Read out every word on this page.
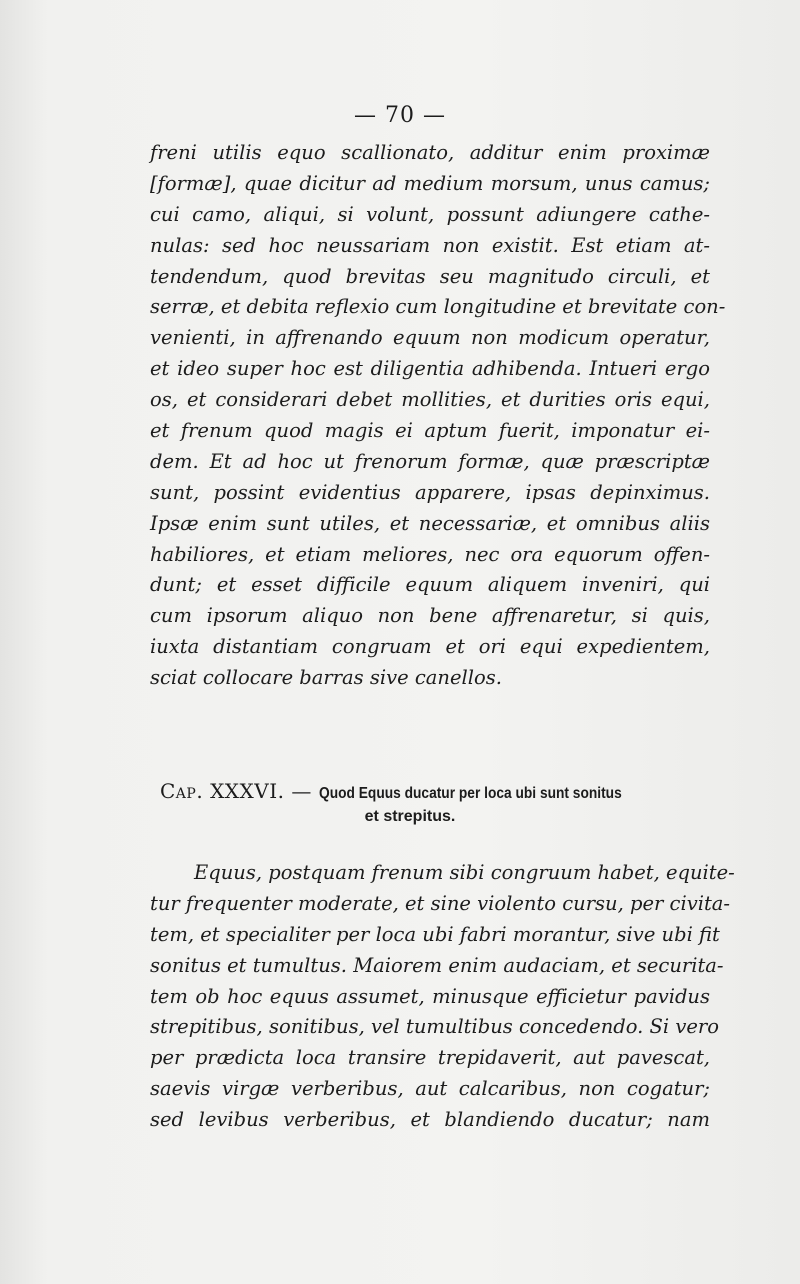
— 70 —
freni utilis equo scallionato, additur enim proximæ
[formæ], quae dicitur ad medium morsum, unus camus;
cui camo, aliqui, si volunt, possunt adiungere cathe-
nulas: sed hoc neussariam non existit. Est etiam at-
tendendum, quod brevitas seu magnitudo circuli, et
serræ, et debita reflexio cum longitudine et brevitate con-
venienti, in affrenando equum non modicum operatur,
et ideo super hoc est diligentia adhibenda. Intueri ergo
os, et considerari debet mollities, et durities oris equi,
et frenum quod magis ei aptum fuerit, imponatur ei-
dem. Et ad hoc ut frenorum formæ, quæ præscriptæ
sunt, possint evidentius apparere, ipsas depinximus.
Ipsæ enim sunt utiles, et necessariæ, et omnibus aliis
habiliores, et etiam meliores, nec ora equorum offen-
dunt; et esset difficile equum aliquem inveniri, qui
cum ipsorum aliquo non bene affrenaretur, si quis,
iuxta distantiam congruam et ori equi expedientem,
sciat collocare barras sive canellos.
Cap. XXXVI. — Quod Equus ducatur per loca ubi sunt sonitus
et strepitus.
Equus, postquam frenum sibi congruum habet, equite-
tur frequenter moderate, et sine violento cursu, per civita-
tem, et specialiter per loca ubi fabri morantur, sive ubi fit
sonitus et tumultus. Maiorem enim audaciam, et securita-
tem ob hoc equus assumet, minusque efficietur pavidus
strepitibus, sonitibus, vel tumultibus concedendo. Si vero
per prædicta loca transire trepidaverit, aut pavescat,
saevis virgæ verberibus, aut calcaribus, non cogatur;
sed levibus verberibus, et blandiendo ducatur; nam
